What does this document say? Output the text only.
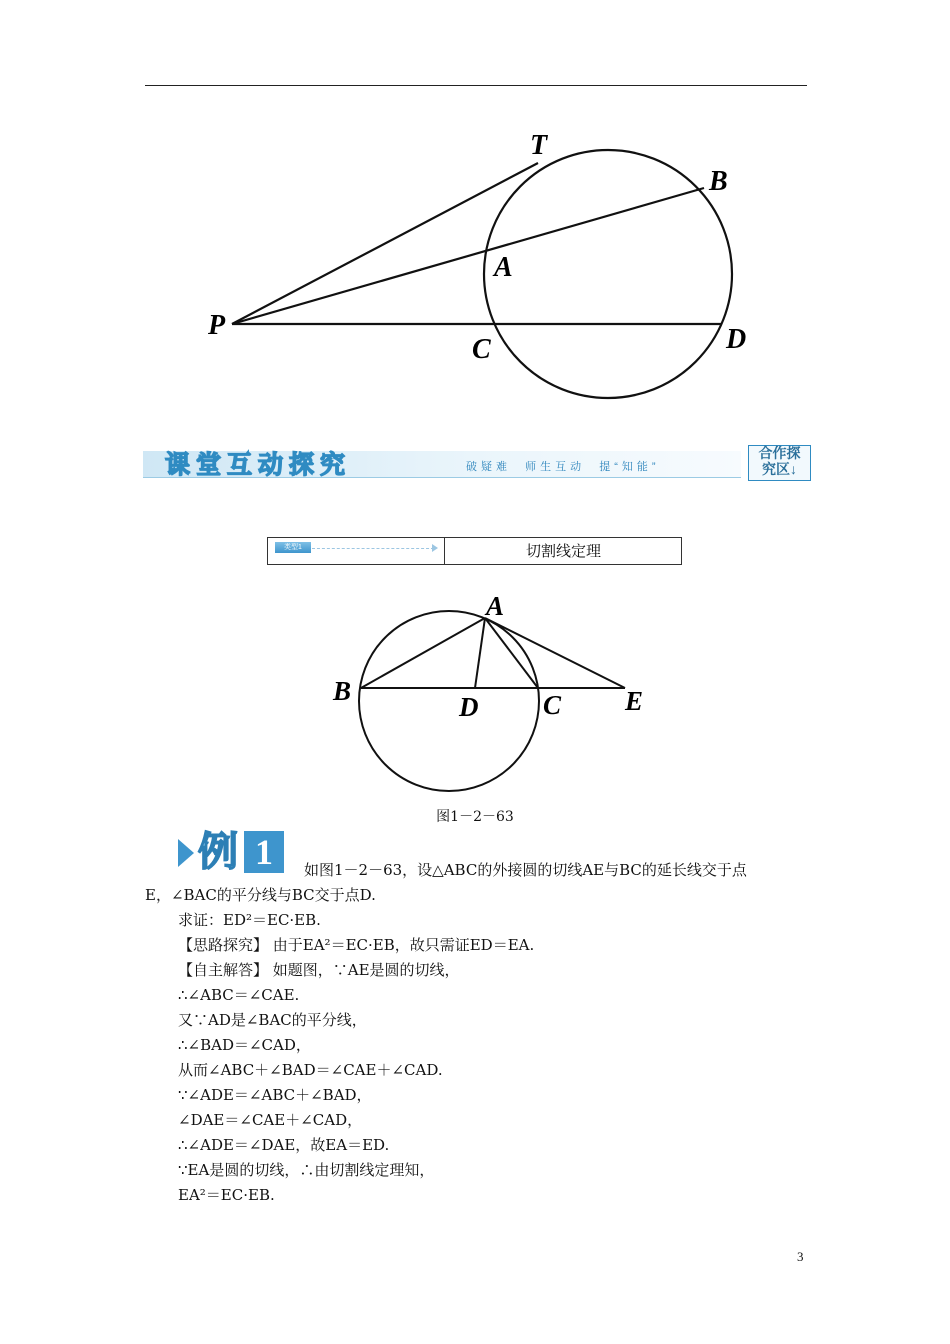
T
B
A
P
C	D
课堂互动探究	破疑难  师生互动  提“知能”
合作探
究区↓
类型1	切割线定理
A
B
D C E
图1－2－63
例 1	如图1－2－63，设△ABC的外接圆的切线AE与BC的延长线交于点
E，∠BAC的平分线与BC交于点D.
求证：ED²＝EC·EB.
【思路探究】 由于EA²＝EC·EB，故只需证ED＝EA.
【自主解答】 如题图，∵AE是圆的切线，
∴∠ABC＝∠CAE.
又∵AD是∠BAC的平分线，
∴∠BAD＝∠CAD，
从而∠ABC＋∠BAD＝∠CAE＋∠CAD.
∵∠ADE＝∠ABC＋∠BAD，
∠DAE＝∠CAE＋∠CAD，
∴∠ADE＝∠DAE，故EA＝ED.
∵EA是圆的切线，∴由切割线定理知，
EA²＝EC·EB.
3
